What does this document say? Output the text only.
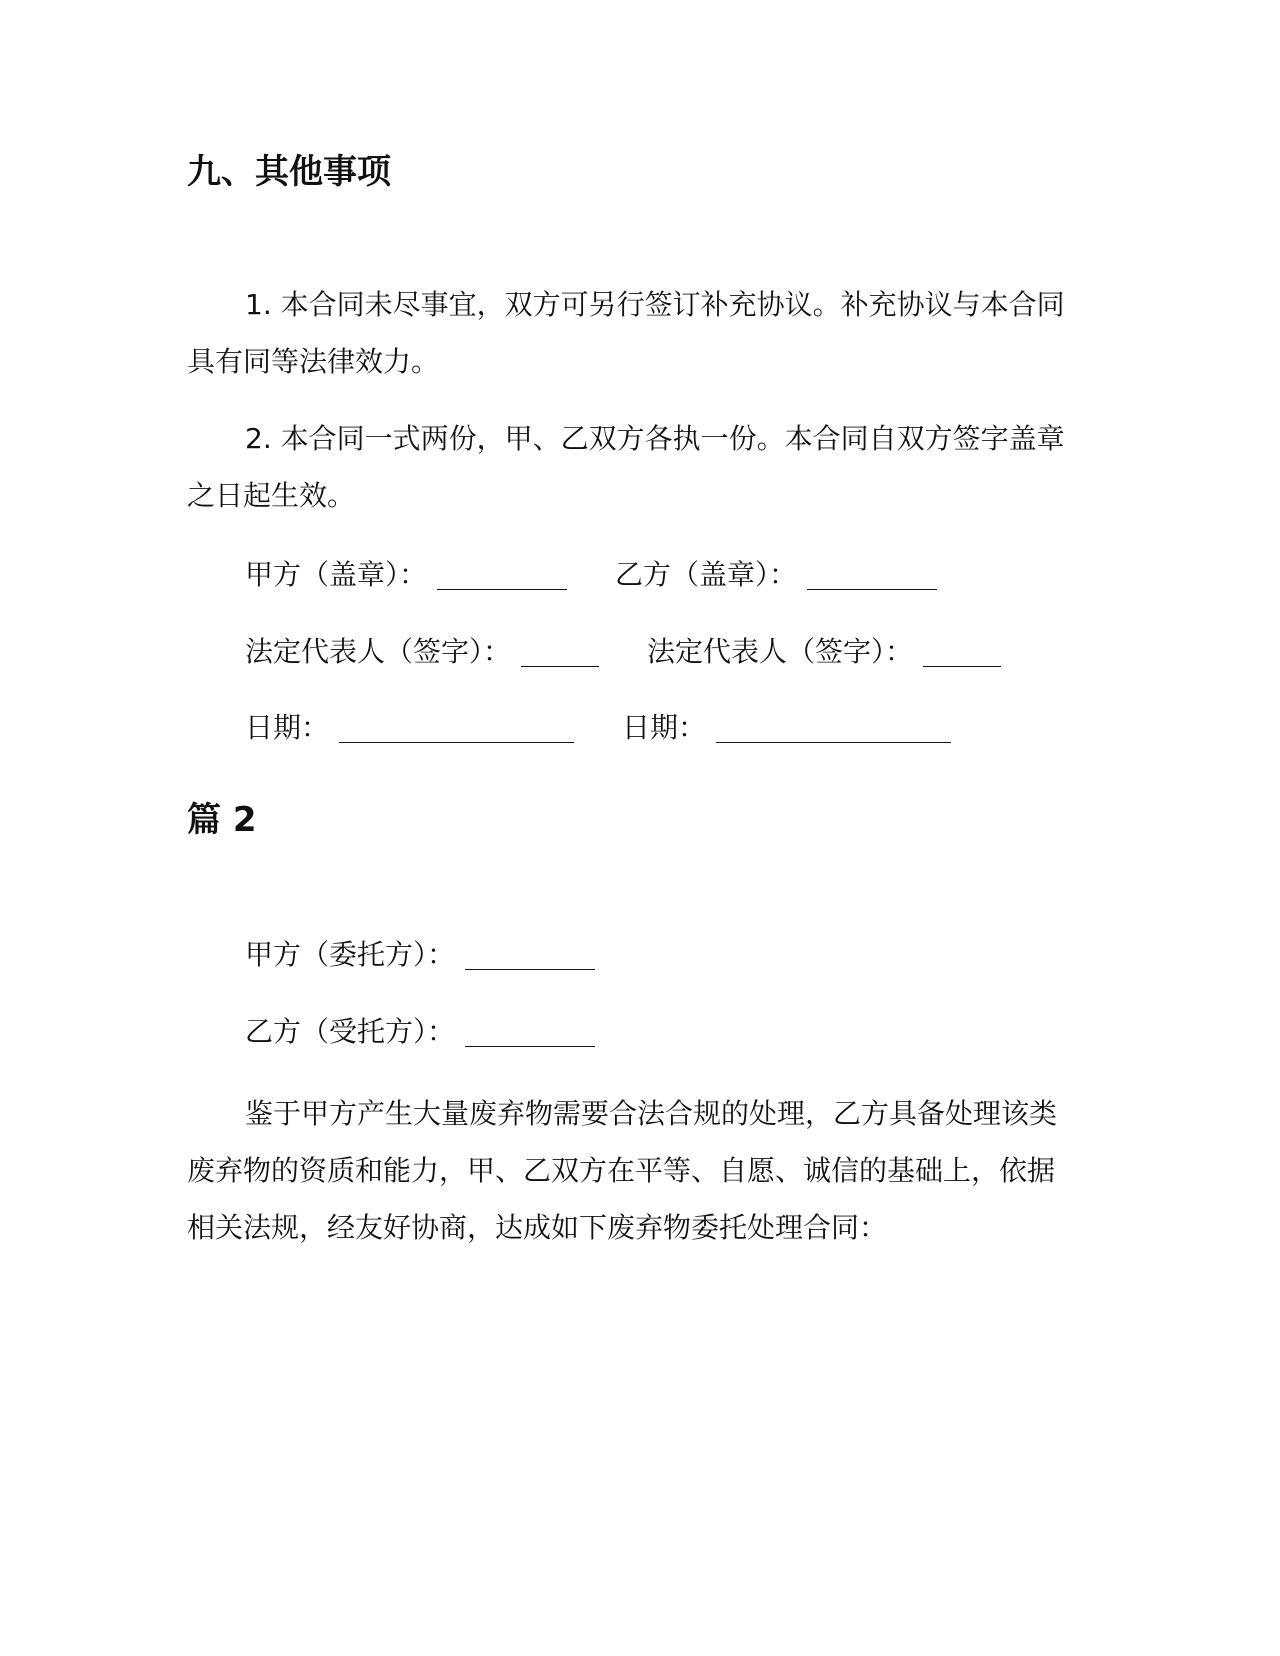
九、其他事项

1. 本合同未尽事宜，双方可另行签订补充协议。补充协议与本合同具有同等法律效力。

2. 本合同一式两份，甲、乙双方各执一份。本合同自双方签字盖章之日起生效。

甲方（盖章）：	乙方（盖章）：
法定代表人（签字）：	法定代表人（签字）：
日期：	日期：
篇 2
甲方（委托方）：
乙方（受托方）：

鉴于甲方产生大量废弃物需要合法合规的处理，乙方具备处理该类废弃物的资质和能力，甲、乙双方在平等、自愿、诚信的基础上，依据相关法规，经友好协商，达成如下废弃物委托处理合同：
